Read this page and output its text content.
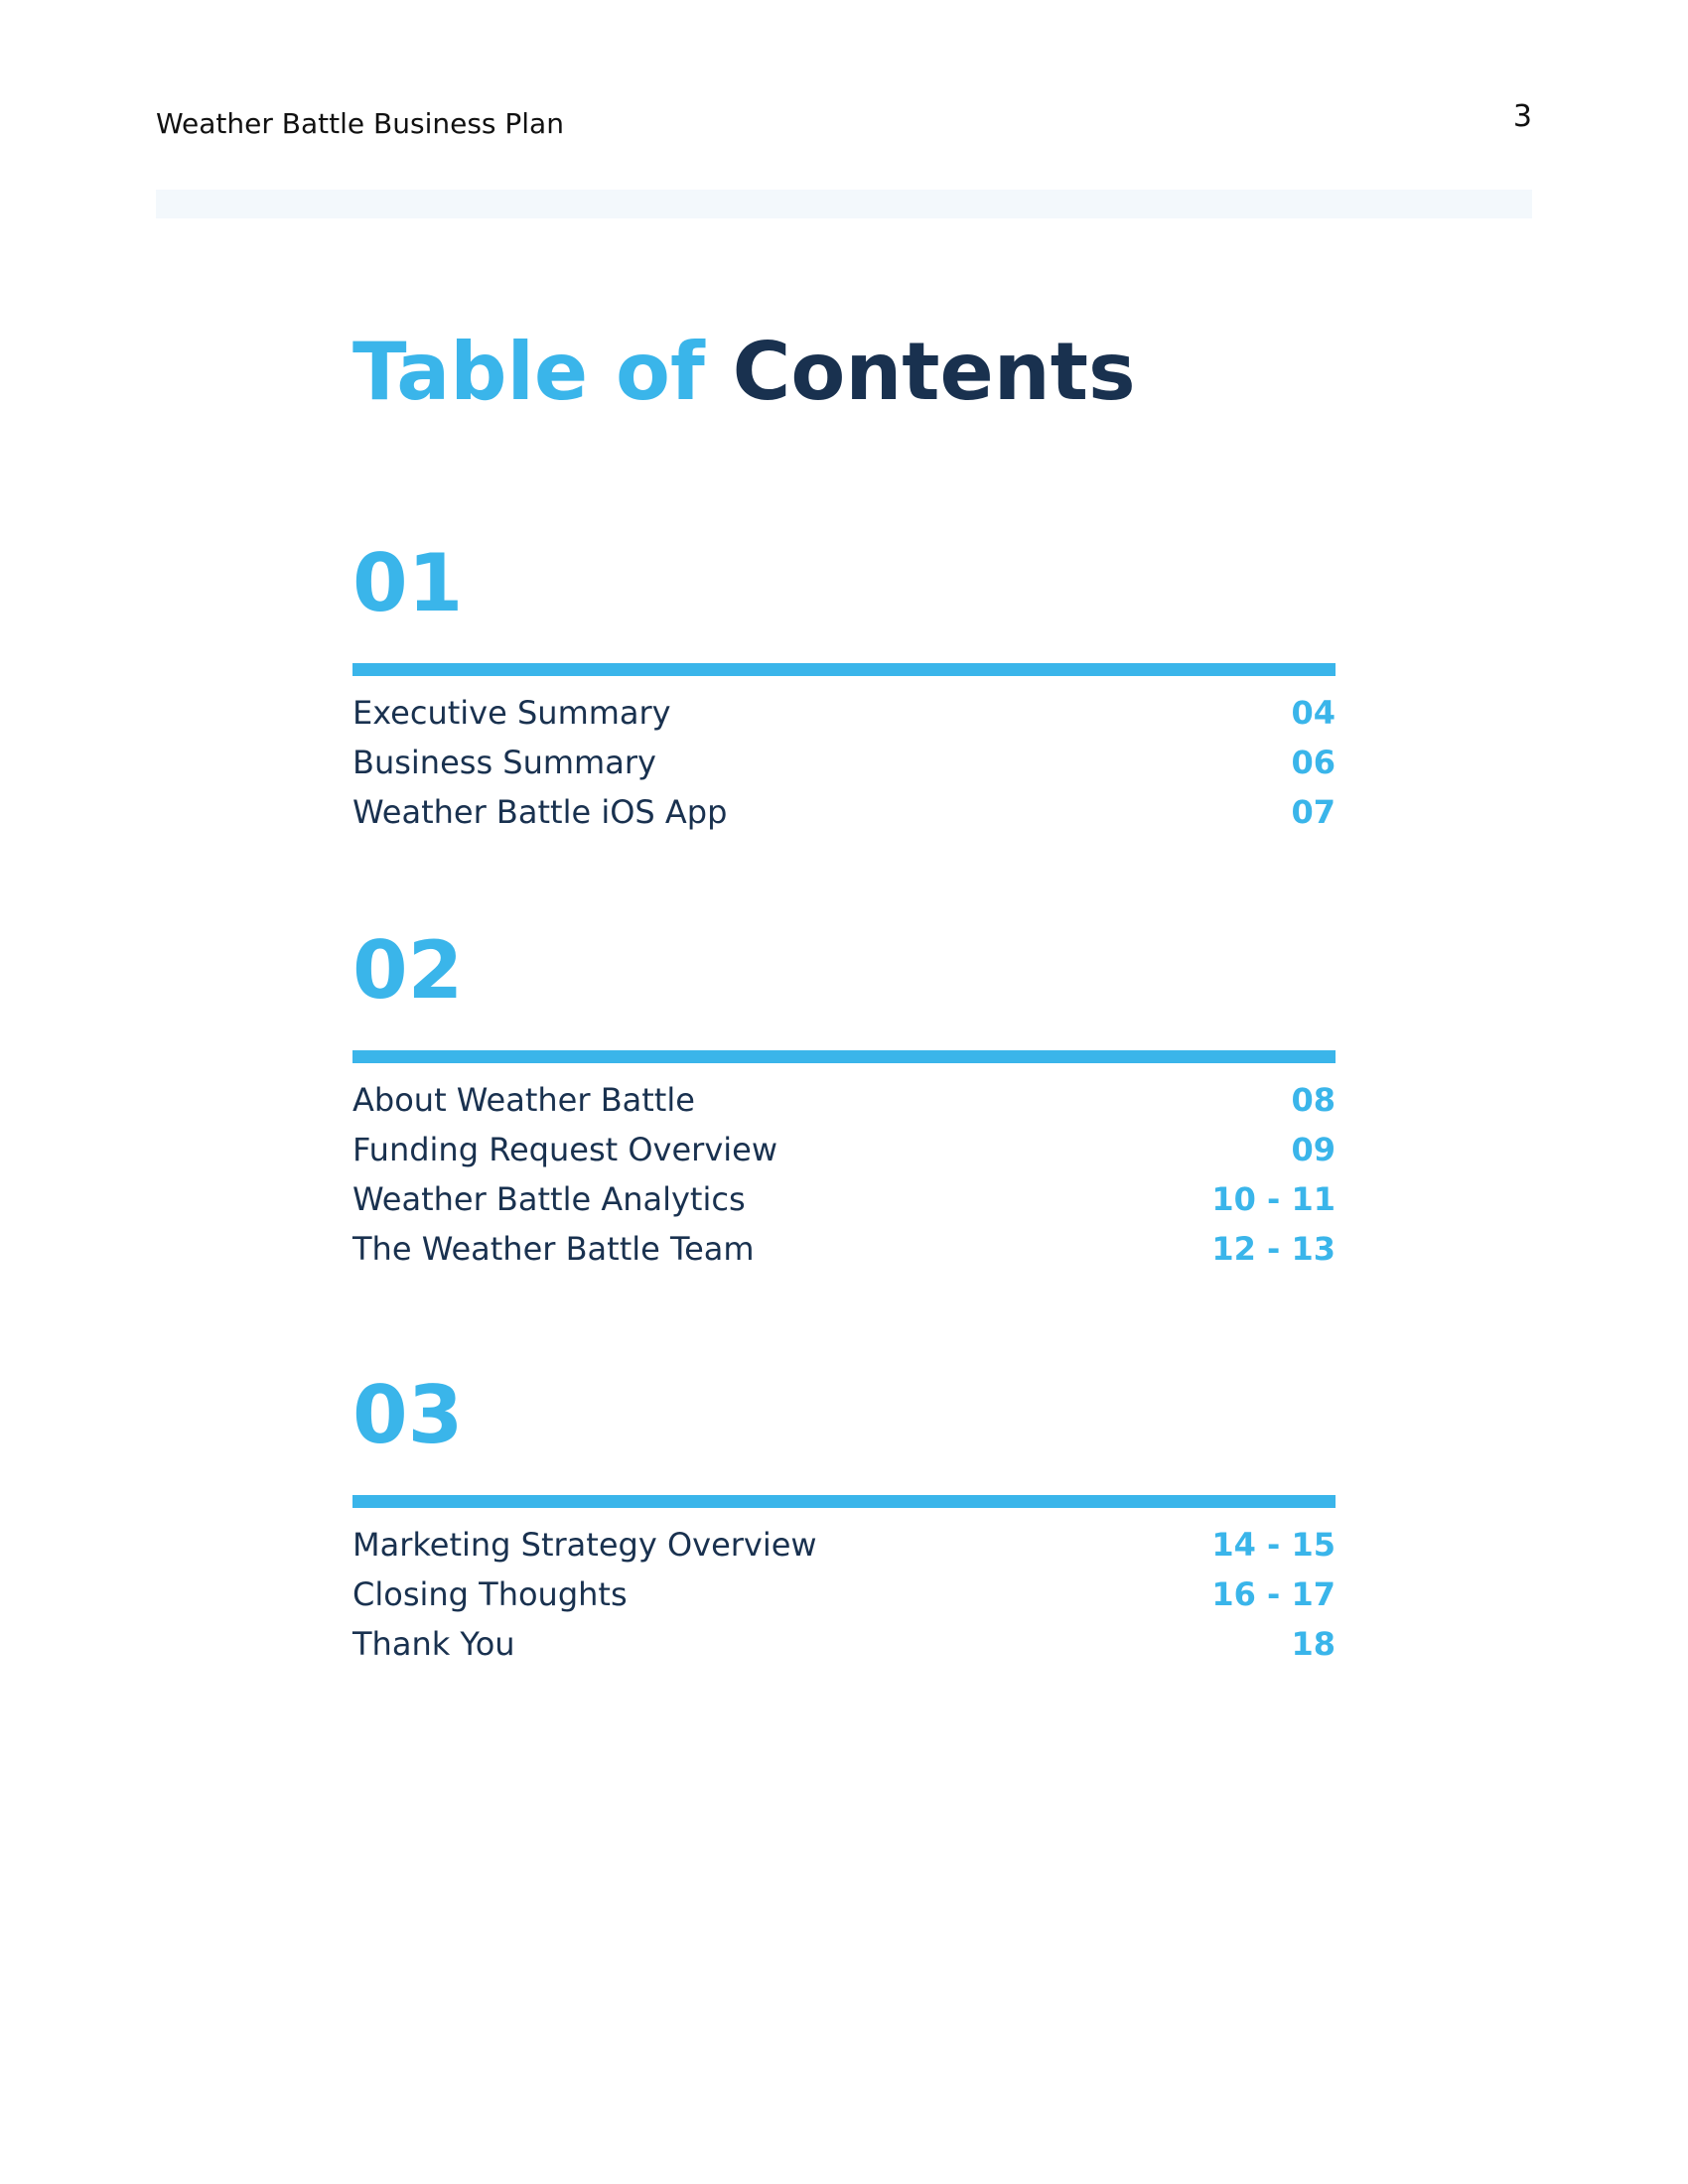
Weather Battle Business Plan	3
Table of Contents
01
Executive Summary	04
Business Summary	06
Weather Battle iOS App	07
02
About Weather Battle	08
Funding Request Overview	09
Weather Battle Analytics	10 - 11
The Weather Battle Team	12 - 13
03
Marketing Strategy Overview	14 - 15
Closing Thoughts	16 - 17
Thank You	18
